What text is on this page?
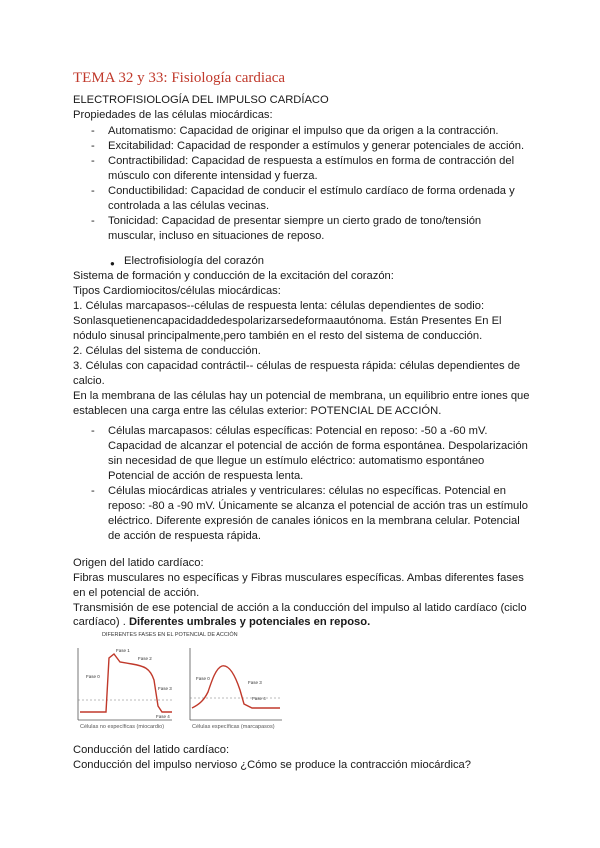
TEMA 32 y 33: Fisiología cardiaca
ELECTROFISIOLOGÍA DEL IMPULSO CARDÍACO
Propiedades de las células miocárdicas:
- Automatismo: Capacidad de originar el impulso que da origen a la contracción.
- Excitabilidad: Capacidad de responder a estímulos y generar potenciales de acción.
- Contractibilidad: Capacidad de respuesta a estímulos en forma de contracción del
músculo con diferente intensidad y fuerza.
- Conductibilidad: Capacidad de conducir el estímulo cardíaco de forma ordenada y
controlada a las células vecinas.
- Tonicidad: Capacidad de presentar siempre un cierto grado de tono/tensión
muscular, incluso en situaciones de reposo.
● Electrofisiología del corazón
Sistema de formación y conducción de la excitación del corazón:
Tipos Cardiomiocitos/células miocárdicas:
1. Células marcapasos--células de respuesta lenta: células dependientes de sodio:
Sonlasquetienencapacidaddedespolarizarsedeformaautónoma. Están Presentes En El
nódulo sinusal principalmente,pero también en el resto del sistema de conducción.
2. Células del sistema de conducción.
3. Células con capacidad contráctil-- células de respuesta rápida: células dependientes de
calcio.
En la membrana de las células hay un potencial de membrana, un equilibrio entre iones que
establecen una carga entre las células exterior: POTENCIAL DE ACCIÓN.
- Células marcapasos: células específicas: Potencial en reposo: -50 a -60 mV.
Capacidad de alcanzar el potencial de acción de forma espontánea. Despolarización
sin necesidad de que llegue un estímulo eléctrico: automatismo espontáneo
Potencial de acción de respuesta lenta.
- Células miocárdicas atriales y ventriculares: células no específicas. Potencial en
reposo: -80 a -90 mV. Únicamente se alcanza el potencial de acción tras un estímulo
eléctrico. Diferente expresión de canales iónicos en la membrana celular. Potencial
de acción de respuesta rápida.
Origen del latido cardíaco:
Fibras musculares no específicas y Fibras musculares específicas. Ambas diferentes fases
en el potencial de acción.
Transmisión de ese potencial de acción a la conducción del impulso al latido cardíaco (ciclo
cardíaco) . Diferentes umbrales y potenciales en reposo.
DIFERENTES FASES EN EL POTENCIAL DE ACCIÓN
Fase 1
Fase 2
Fase 0
Fase 3
Fase 4
Células no específicas (miocardio)
Fase 0
Fase 3
Fase 4
Células específicas (marcapasos)
Conducción del latido cardíaco:
Conducción del impulso nervioso ¿Cómo se produce la contracción miocárdica?
